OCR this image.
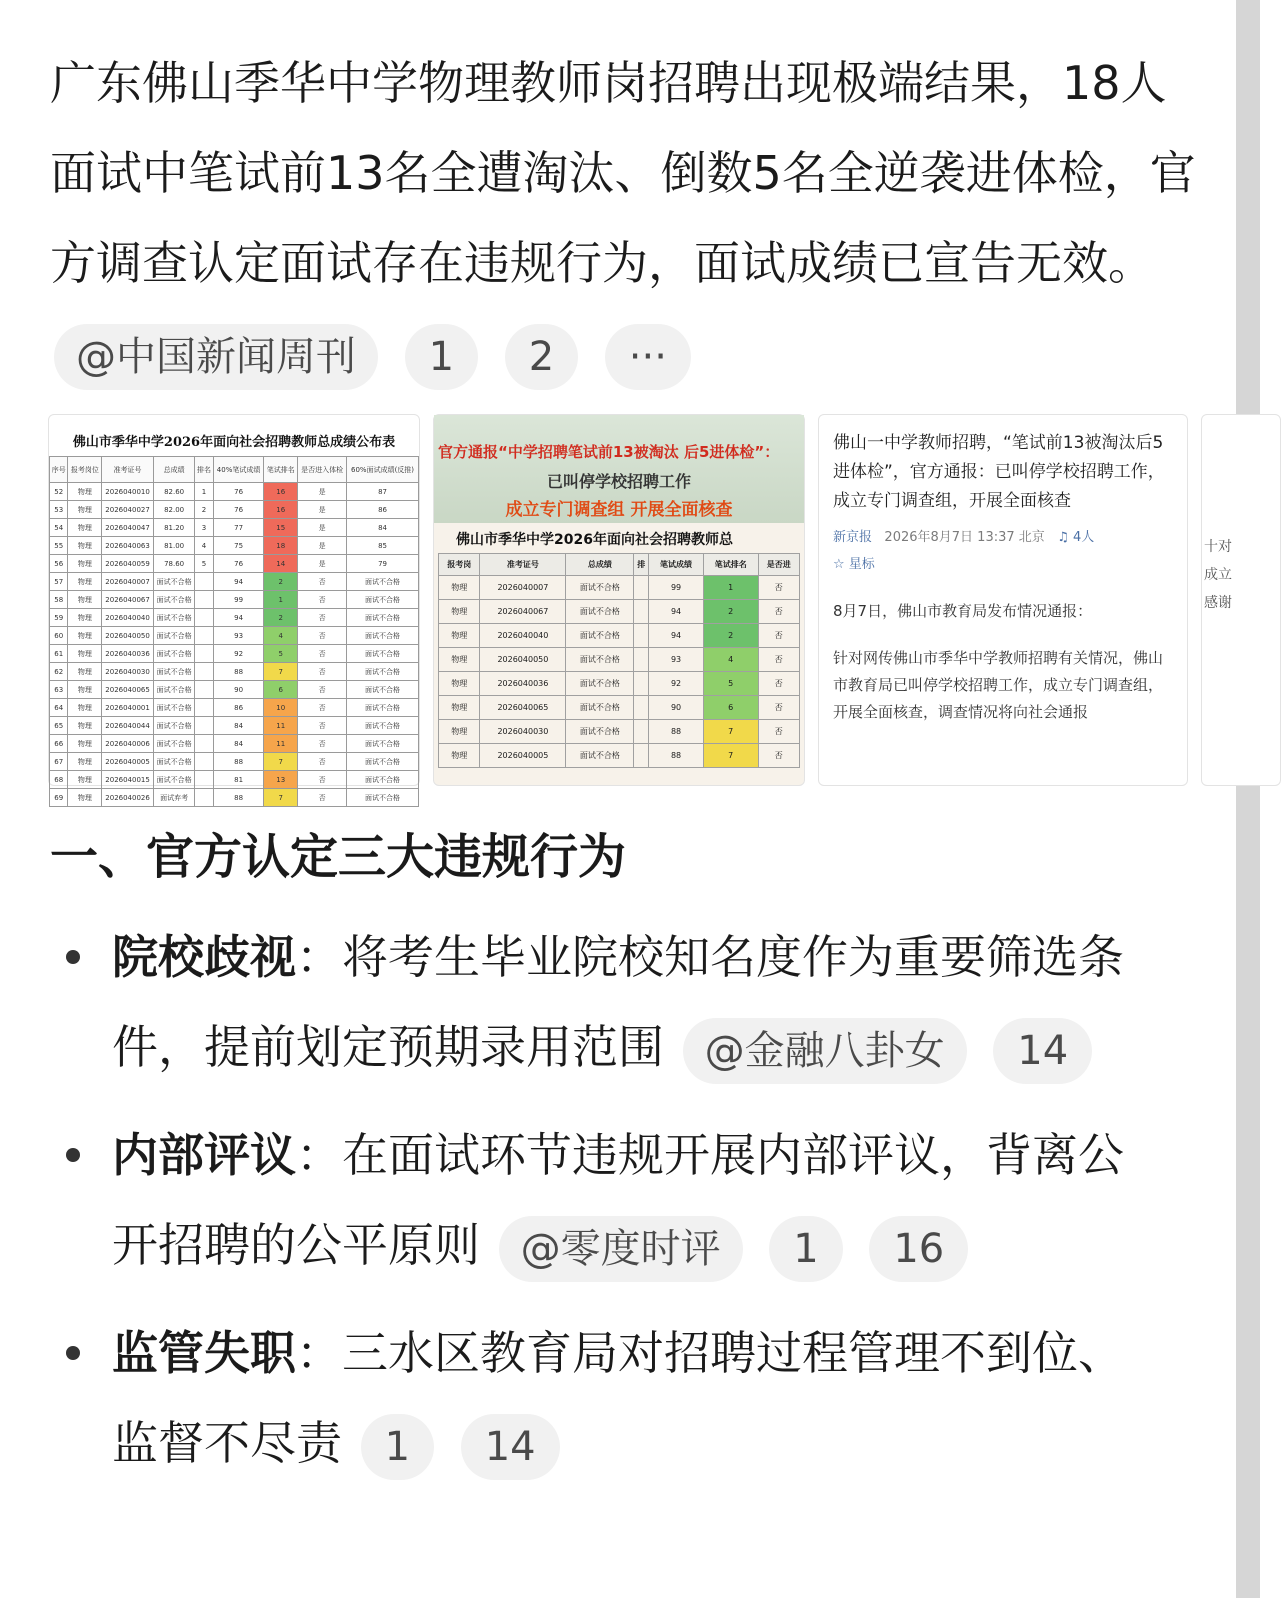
广东佛山季华中学物理教师岗招聘出现极端结果，18人面试中笔试前13名全遭淘汰、倒数5名全逆袭进体检，官方调查认定面试存在违规行为，面试成绩已宣告无效。 @中国新闻周刊 1 2 ···
佛山市季华中学2026年面向社会招聘教师总成绩公布表
序号	报考岗位	准考证号	总成绩	排名	40%笔试成绩	笔试排名	是否进入体检	60%面试成绩(反推)
52	物理	2026040010	82.60	1	76	16	是	87
53	物理	2026040027	82.00	2	76	16	是	86
54	物理	2026040047	81.20	3	77	15	是	84
55	物理	2026040063	81.00	4	75	18	是	85
56	物理	2026040059	78.60	5	76	14	是	79
57	物理	2026040007	面试不合格		94	2	否	面试不合格
58	物理	2026040067	面试不合格		99	1	否	面试不合格
59	物理	2026040040	面试不合格		94	2	否	面试不合格
60	物理	2026040050	面试不合格		93	4	否	面试不合格
61	物理	2026040036	面试不合格		92	5	否	面试不合格
62	物理	2026040030	面试不合格		88	7	否	面试不合格
63	物理	2026040065	面试不合格		90	6	否	面试不合格
64	物理	2026040001	面试不合格		86	10	否	面试不合格
65	物理	2026040044	面试不合格		84	11	否	面试不合格
66	物理	2026040006	面试不合格		84	11	否	面试不合格
67	物理	2026040005	面试不合格		88	7	否	面试不合格
68	物理	2026040015	面试不合格		81	13	否	面试不合格
69	物理	2026040026	面试弃考		88	7	否	面试不合格
官方通报“中学招聘笔试前13被淘汰 后5进体检”：
已叫停学校招聘工作
成立专门调查组 开展全面核查
佛山市季华中学2026年面向社会招聘教师总
报考岗	准考证号	总成绩	排	笔试成绩	笔试排名	是否进
物理	2026040007	面试不合格		99	1	否
物理	2026040067	面试不合格		94	2	否
物理	2026040040	面试不合格		94	2	否
物理	2026040050	面试不合格		93	4	否
物理	2026040036	面试不合格		92	5	否
物理	2026040065	面试不合格		90	6	否
物理	2026040030	面试不合格		88	7	否
物理	2026040005	面试不合格		88	7	否
佛山一中学教师招聘，“笔试前13被淘汰后5进体检”，官方通报：已叫停学校招聘工作，成立专门调查组，开展全面核查
新京报 2026年8月7日 13:37 北京 ♫ 4人
☆ 星标

8月7日，佛山市教育局发布情况通报：

针对网传佛山市季华中学教师招聘有关情况，佛山市教育局已叫停学校招聘工作，成立专门调查组，开展全面核查，调查情况将向社会通报

十对
成立
感谢
一、官方认定三大违规行为
院校歧视：将考生毕业院校知名度作为重要筛选条件，提前划定预期录用范围 @金融八卦女 14
内部评议：在面试环节违规开展内部评议，背离公开招聘的公平原则 @零度时评 1 16
监管失职：三水区教育局对招聘过程管理不到位、监督不尽责 1 14
